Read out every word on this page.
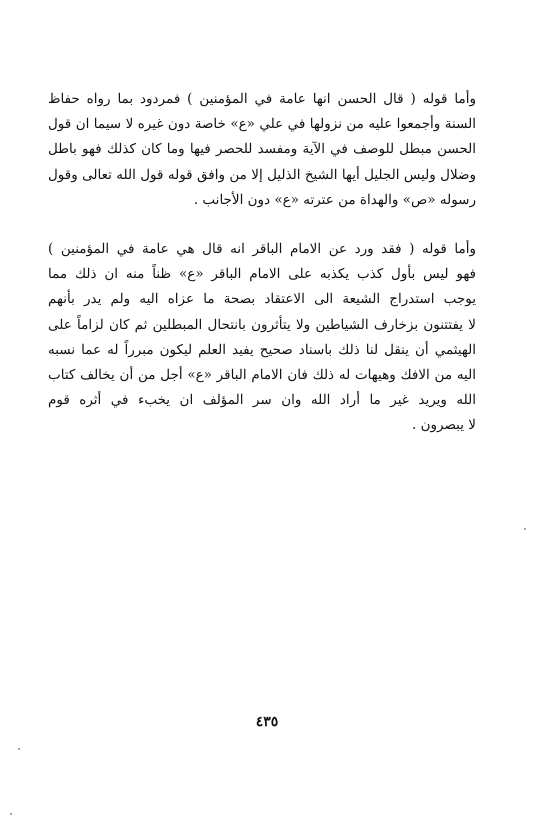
وأما قوله ( قال الحسن انها عامة في المؤمنين ) فمردود بما رواه حفاظ
السنة وأجمعوا عليه من نزولها في علي «ع» خاصة دون غيره لا سيما ان قول
الحسن مبطل للوصف في الآية ومفسد للحصر فيها وما كان كذلك فهو باطل
وضلال وليس الجليل أيها الشيخ الذليل إلا من وافق قوله قول الله تعالى وقول
رسوله «ص» والهداة من عترته «ع» دون الأجانب .
وأما قوله ( فقد ورد عن الامام الباقر انه قال هي عامة في المؤمنين )
فهو ليس بأول كذب يكذبه على الامام الباقر «ع» ظناً منه ان ذلك مما
يوجب استدراج الشيعة الى الاعتقاد بصحة ما عزاه اليه ولم يدر بأنهم
لا يفتتنون بزخارف الشياطين ولا يتأثرون بانتحال المبطلين ثم كان لزاماً على
الهيثمي أن ينقل لنا ذلك باسناد صحيح يفيد العلم ليكون مبرراً له عما نسبه
اليه من الافك وهيهات له ذلك فان الامام الباقر «ع» أجل من أن يخالف كتاب
الله ويريد غير ما أراد الله وان سر المؤلف ان يخبء في أثره قوم
لا يبصرون .
٤٣٥
